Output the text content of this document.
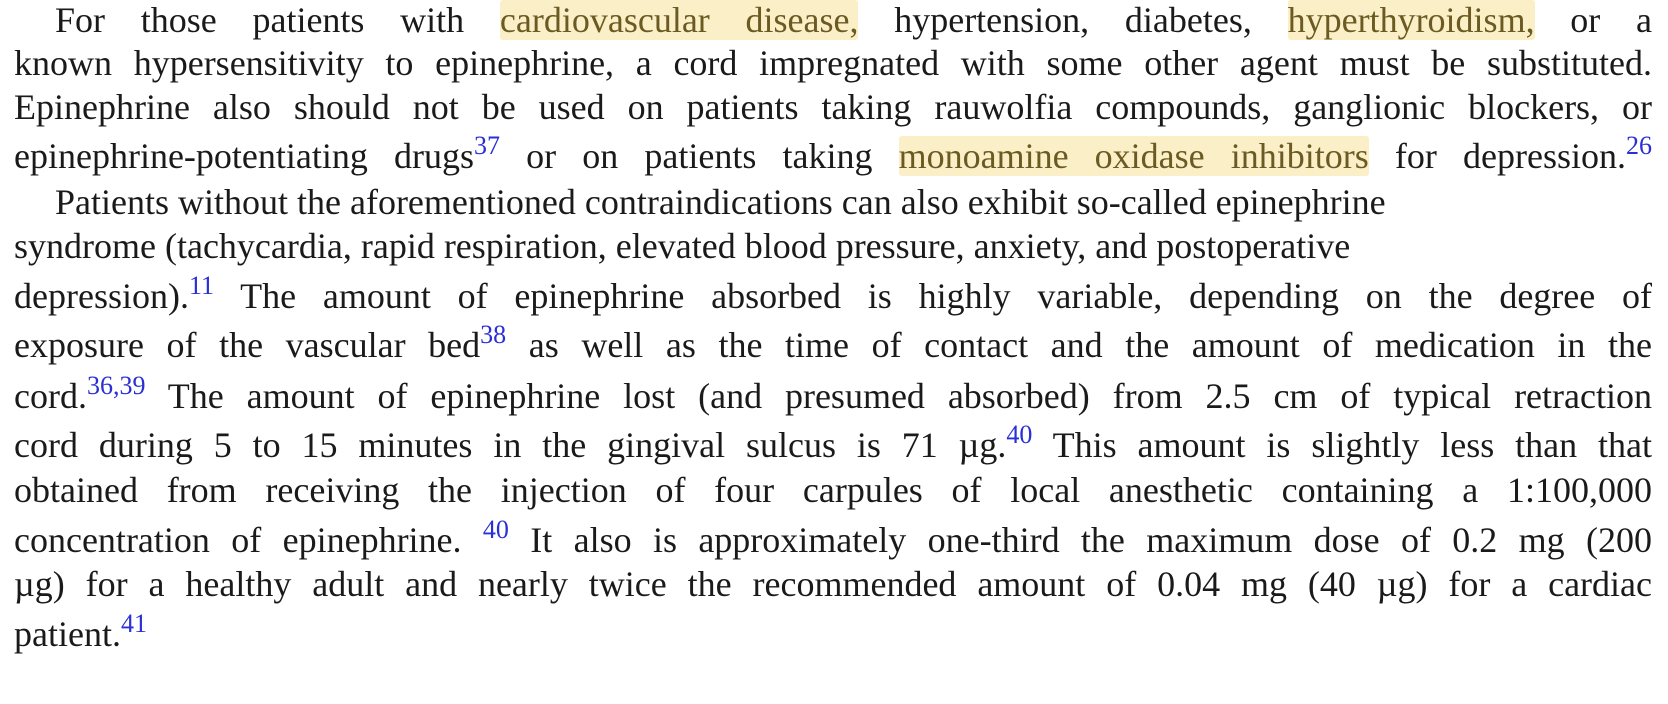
For those patients with cardiovascular disease, hypertension, diabetes, hyperthyroidism, or a
known hypersensitivity to epinephrine, a cord impregnated with some other agent must be substituted.
Epinephrine also should not be used on patients taking rauwolfia compounds, ganglionic blockers, or
epinephrine-potentiating drugs$^{37}$ or on patients taking monoamine oxidase inhibitors for depression.$^{26}$
Patients without the aforementioned contraindications can also exhibit so-called epinephrine
syndrome (tachycardia, rapid respiration, elevated blood pressure, anxiety, and postoperative
depression).$^{11}$ The amount of epinephrine absorbed is highly variable, depending on the degree of
exposure of the vascular bed$^{38}$ as well as the time of contact and the amount of medication in the
cord.$^{36,39}$ The amount of epinephrine lost (and presumed absorbed) from 2.5 cm of typical retraction
cord during 5 to 15 minutes in the gingival sulcus is 71 µg.$^{40}$ This amount is slightly less than that
obtained from receiving the injection of four carpules of local anesthetic containing a 1:100,000
concentration of epinephrine. $^{40}$ It also is approximately one-third the maximum dose of 0.2 mg (200
µg) for a healthy adult and nearly twice the recommended amount of 0.04 mg (40 µg) for a cardiac
patient.$^{41}$
